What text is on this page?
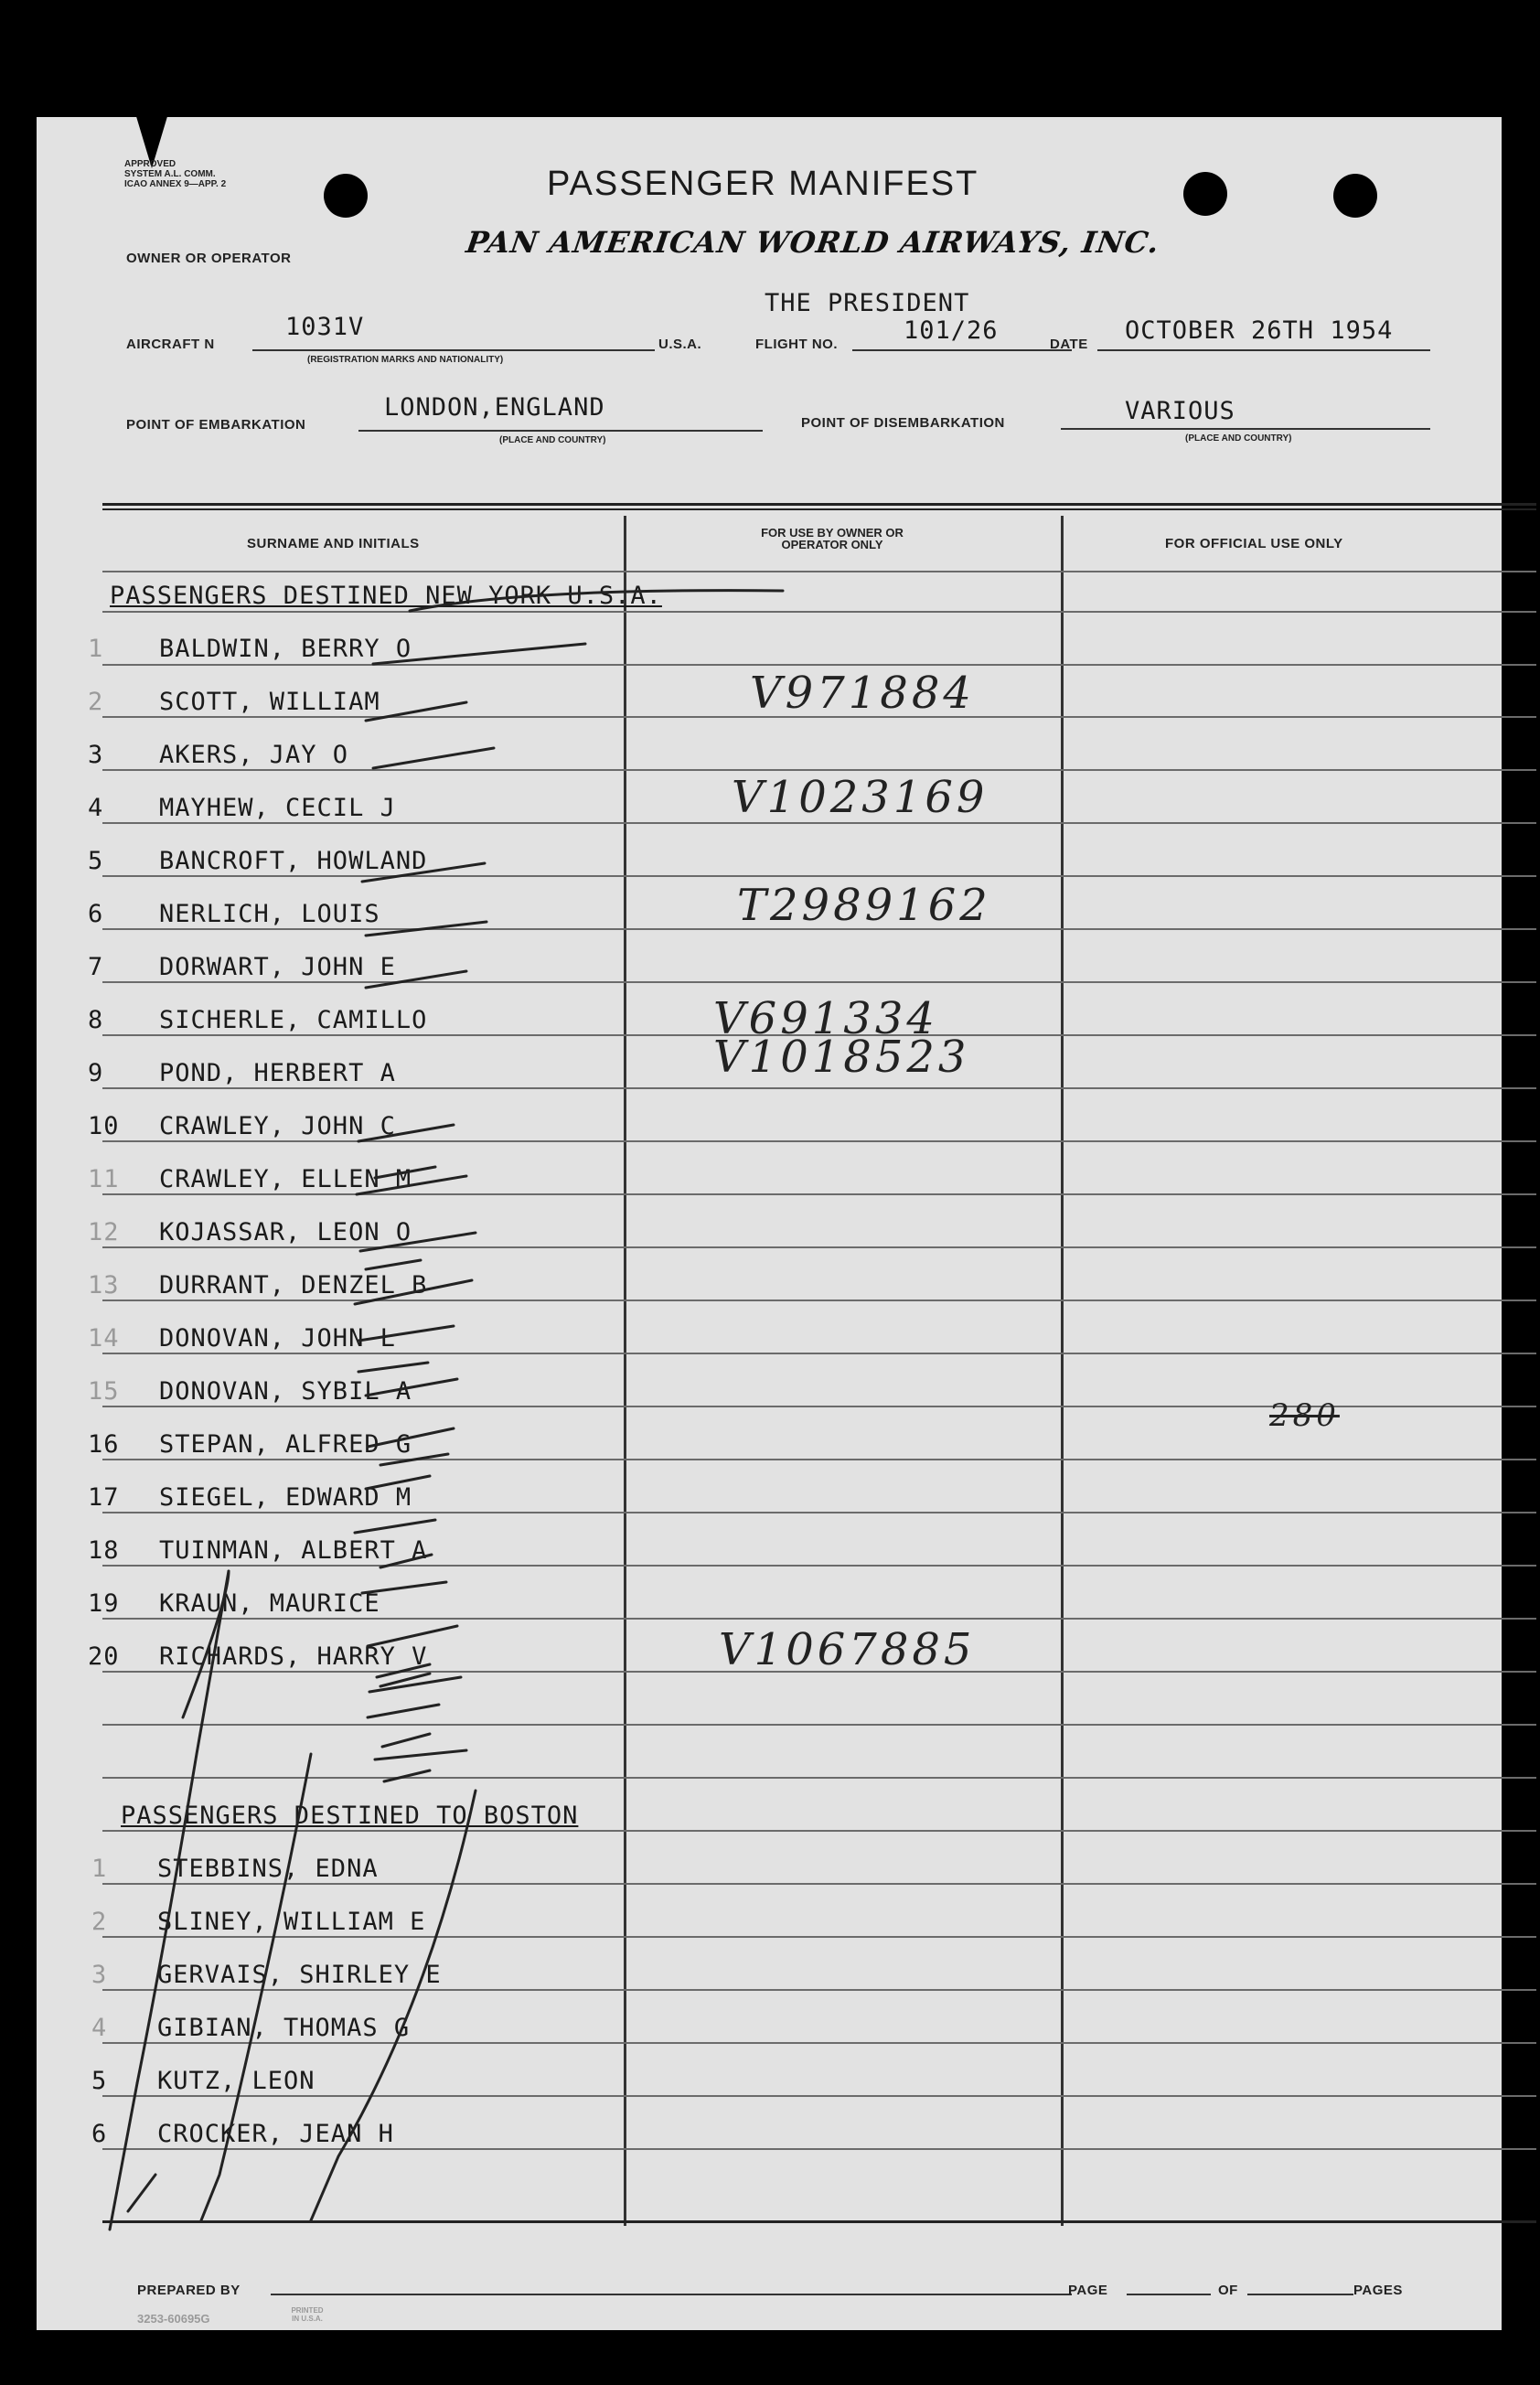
APPROVED
SYSTEM A.L. COMM.
ICAO ANNEX 9—APP. 2	PASSENGER MANIFEST
OWNER OR OPERATOR	PAN AMERICAN WORLD AIRWAYS, INC.
AIRCRAFT N
1031V
(REGISTRATION MARKS AND NATIONALITY)
U.S.A.
THE PRESIDENT
FLIGHT NO.	101/26	DATE OCTOBER 26TH 1954
POINT OF EMBARKATION
LONDON,ENGLAND
(PLACE AND COUNTRY)
POINT OF DISEMBARKATION	VARIOUS
(PLACE AND COUNTRY)
SURNAME AND INITIALS
FOR USE BY OWNER OR OPERATOR ONLY	FOR OFFICIAL USE ONLY
PASSENGERS DESTINED NEW YORK U.S.A.
1 BALDWIN, BERRY O
2 SCOTT, WILLIAM	V971884
3 AKERS, JAY O
4 MAYHEW, CECIL J	V1023169
5 BANCROFT, HOWLAND
6 NERLICH, LOUIS	T2989162
7 DORWART, JOHN E
8 SICHERLE, CAMILLO	V691334
9 POND, HERBERT A	V1018523
10 CRAWLEY, JOHN C
11 CRAWLEY, ELLEN M
12 KOJASSAR, LEON O
13 DURRANT, DENZEL B
14 DONOVAN, JOHN L
15 DONOVAN, SYBIL A
16 STEPAN, ALFRED G
17 SIEGEL, EDWARD M
18 TUINMAN, ALBERT A
19 KRAUN, MAURICE
20 RICHARDS, HARRY V	V1067885
280
PASSENGERS DESTINED TO BOSTON
1 STEBBINS, EDNA
2 SLINEY, WILLIAM E
3 GERVAIS, SHIRLEY E
4 GIBIAN, THOMAS G
5 KUTZ, LEON
6 CROCKER, JEAN H
PREPARED BY	PAGE	OF	PAGES
3253-60695G
PRINTED IN U.S.A.
